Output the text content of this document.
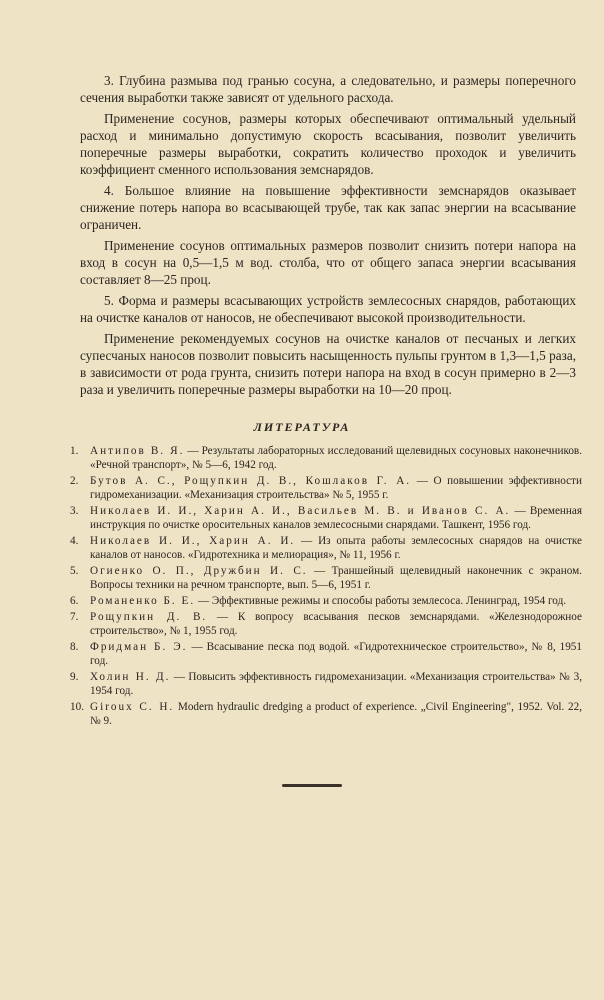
3. Глубина размыва под гранью сосуна, а следовательно, и размеры поперечного сечения выработки также зависят от удельного расхода.

Применение сосунов, размеры которых обеспечивают оптимальный удельный расход и минимально допустимую скорость всасывания, позволит увеличить поперечные размеры выработки, сократить количество проходок и увеличить коэффициент сменного использования земснарядов.

4. Большое влияние на повышение эффективности земснарядов оказывает снижение потерь напора во всасывающей трубе, так как запас энергии на всасывание ограничен.

Применение сосунов оптимальных размеров позволит снизить потери напора на вход в сосун на 0,5—1,5 м вод. столба, что от общего запаса энергии всасывания составляет 8—25 проц.

5. Форма и размеры всасывающих устройств землесосных снарядов, работающих на очистке каналов от наносов, не обеспечивают высокой производительности.

Применение рекомендуемых сосунов на очистке каналов от песчаных и легких супесчаных наносов позволит повысить насыщенность пульпы грунтом в 1,3—1,5 раза, в зависимости от рода грунта, снизить потери напора на вход в сосун примерно в 2—3 раза и увеличить поперечные размеры выработки на 10—20 проц.

ЛИТЕРАТУРА
1.	Антипов В. Я. — Результаты лабораторных исследований щелевидных сосуновых наконечников. «Речной транспорт», № 5—6, 1942 год.
2.	Бутов А. С., Рощупкин Д. В., Кошлаков Г. А. — О повышении эффективности гидромеханизации. «Механизация строительства» № 5, 1955 г.
3.	Николаев И. И., Харин А. И., Васильев М. В. и Иванов С. А. — Временная инструкция по очистке оросительных каналов землесосными снарядами. Ташкент, 1956 год.
4.	Николаев И. И., Харин А. И. — Из опыта работы землесосных снарядов на очистке каналов от наносов. «Гидротехника и мелиорация», № 11, 1956 г.
5.	Огиенко О. П., Дружбин И. С. — Траншейный щелевидный наконечник с экраном. Вопросы техники на речном транспорте, вып. 5—6, 1951 г.
6.	Романенко Б. Е. — Эффективные режимы и способы работы землесоса. Ленинград, 1954 год.
7.	Рощупкин Д. В. — К вопросу всасывания песков земснарядами. «Железнодорожное строительство», № 1, 1955 год.
8.	Фридман Б. Э. — Всасывание песка под водой. «Гидротехническое строительство», № 8, 1951 год.
9.	Холин Н. Д. — Повысить эффективность гидромеханизации. «Механизация строительства» № 3, 1954 год.
10. Giroux C. H. Modern hydraulic dredging a product of experience. „Civil Engineering", 1952. Vol. 22, № 9.
